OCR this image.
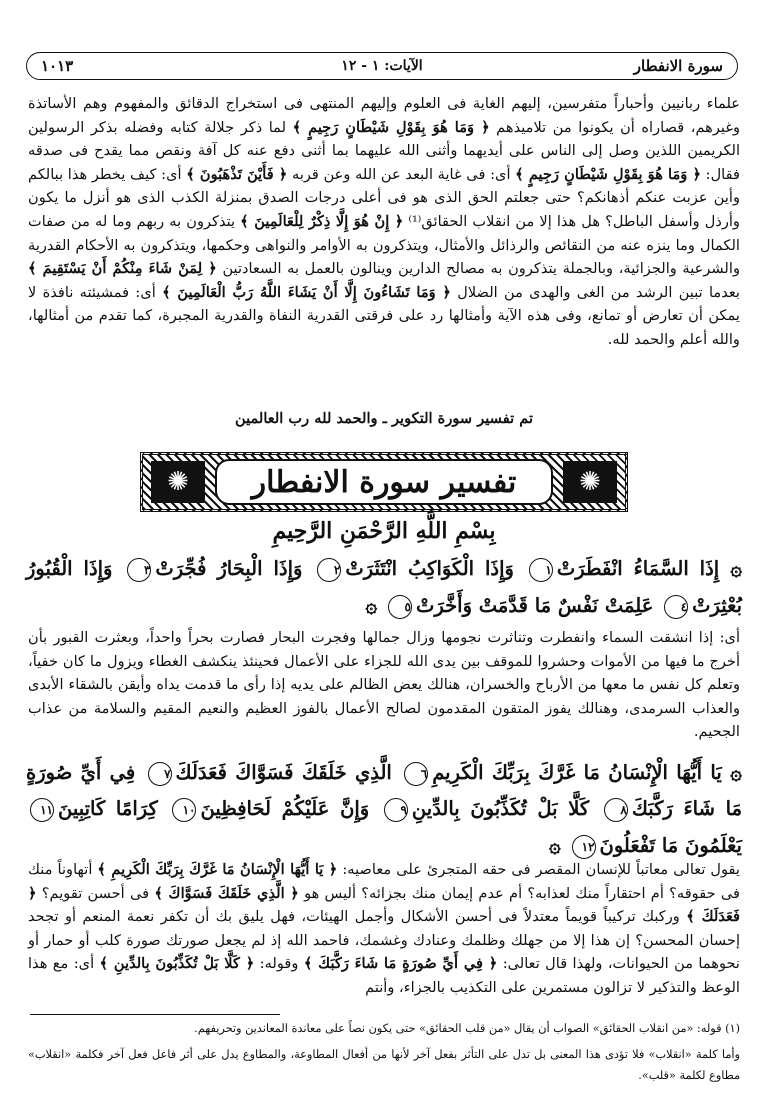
سورة الانفطار
الآيات: ١ - ١٢
١٠١٣

علماء ربانيين وأحباراً متفرسين، إليهم الغاية فى العلوم وإليهم المنتهى فى استخراج الدقائق والمفهوم وهم الأساتذة وغيرهم، قصاراه أن يكونوا من تلاميذهم ﴿ وَمَا هُوَ بِقَوْلِ شَيْطَانٍ رَجِيمٍ ﴾ لما ذكر جلالة كتابه وفضله بذكر الرسولين الكريمين اللذين وصل إلى الناس على أيديهما وأثنى الله عليهما بما أثنى دفع عنه كل آفة ونقص مما يقدح فى صدقه فقال: ﴿ وَمَا هُوَ بِقَوْلِ شَيْطَانٍ رَجِيمٍ ﴾ أى: فى غاية البعد عن الله وعن قربه ﴿ فَأَيْنَ تَذْهَبُونَ ﴾ أى: كيف يخطر هذا ببالكم وأين عزبت عنكم أذهانكم؟ حتى جعلتم الحق الذى هو فى أعلى درجات الصدق بمنزلة الكذب الذى هو أنزل ما يكون وأرذل وأسفل الباطل؟ هل هذا إلا من انقلاب الحقائق⁽¹⁾ ﴿ إِنْ هُوَ إِلَّا ذِكْرٌ لِلْعَالَمِينَ ﴾ يتذكرون به ربهم وما له من صفات الكمال وما ينزه عنه من النقائص والرذائل والأمثال، ويتذكرون به الأوامر والنواهى وحكمها، ويتذكرون به الأحكام القدرية والشرعية والجزائية، وبالجملة يتذكرون به مصالح الدارين وينالون بالعمل به السعادتين ﴿ لِمَنْ شَاءَ مِنْكُمْ أَنْ يَسْتَقِيمَ ﴾ بعدما تبين الرشد من الغى والهدى من الضلال ﴿ وَمَا تَشَاءُونَ إِلَّا أَنْ يَشَاءَ اللَّهُ رَبُّ الْعَالَمِينَ ﴾ أى: فمشيئته نافذة لا يمكن أن تعارض أو تمانع، وفى هذه الآية وأمثالها رد على فرقتى القدرية النفاة والقدرية المجبرة، كما تقدم من أمثالها، والله أعلم والحمد لله.

تم تفسير سورة التكوير ـ والحمد لله رب العالمين
✺
✺	تفسير سورة الانفطار
بِسْمِ اللَّهِ الرَّحْمَنِ الرَّحِيمِ
۞ إِذَا السَّمَاءُ انْفَطَرَتْ١ وَإِذَا الْكَوَاكِبُ انْتَثَرَتْ٢ وَإِذَا الْبِحَارُ فُجِّرَتْ٣ وَإِذَا الْقُبُورُ بُعْثِرَتْ٤ عَلِمَتْ نَفْسٌ مَا قَدَّمَتْ وَأَخَّرَتْ٥ ۞

أى: إذا انشقت السماء وانفطرت وتناثرت نجومها وزال جمالها وفجرت البحار فصارت بحراً واحداً، وبعثرت القبور بأن أخرج ما فيها من الأموات وحشروا للموقف بين يدى الله للجزاء على الأعمال فحينئذ ينكشف الغطاء ويزول ما كان خفياً، وتعلم كل نفس ما معها من الأرباح والخسران، هنالك يعض الظالم على يديه إذا رأى ما قدمت يداه وأيقن بالشقاء الأبدى والعذاب السرمدى، وهنالك يفوز المتقون المقدمون لصالح الأعمال بالفوز العظيم والنعيم المقيم والسلامة من عذاب الجحيم.

۞ يَا أَيُّهَا الْإِنْسَانُ مَا غَرَّكَ بِرَبِّكَ الْكَرِيمِ٦ الَّذِي خَلَقَكَ فَسَوَّاكَ فَعَدَلَكَ٧ فِي أَيِّ صُورَةٍ مَا شَاءَ رَكَّبَكَ٨ كَلَّا بَلْ تُكَذِّبُونَ بِالدِّينِ٩ وَإِنَّ عَلَيْكُمْ لَحَافِظِينَ١٠ كِرَامًا كَاتِبِينَ١١ يَعْلَمُونَ مَا تَفْعَلُونَ١٢ ۞

يقول تعالى معاتباً للإنسان المقصر فى حقه المتجرئ على معاصيه: ﴿ يَا أَيُّهَا الْإِنْسَانُ مَا غَرَّكَ بِرَبِّكَ الْكَرِيمِ ﴾ أتهاوناً منك فى حقوقه؟ أم احتقاراً منك لعذابه؟ أم عدم إيمان منك بجزائه؟ أليس هو ﴿ الَّذِي خَلَقَكَ فَسَوَّاكَ ﴾ فى أحسن تقويم؟ ﴿ فَعَدَلَكَ ﴾ وركبك تركيباً قويماً معتدلاً فى أحسن الأشكال وأجمل الهيئات، فهل يليق بك أن تكفر نعمة المنعم أو تجحد إحسان المحسن؟ إن هذا إلا من جهلك وظلمك وعنادك وغشمك، فاحمد الله إذ لم يجعل صورتك صورة كلب أو حمار أو نحوهما من الحيوانات، ولهذا قال تعالى: ﴿ فِي أَيِّ صُورَةٍ مَا شَاءَ رَكَّبَكَ ﴾ وقوله: ﴿ كَلَّا بَلْ تُكَذِّبُونَ بِالدِّينِ ﴾ أى: مع هذا الوعظ والتذكير لا تزالون مستمرين على التكذيب بالجزاء، وأنتم

(١) قوله: «من انقلاب الحقائق» الصواب أن يقال «من قلب الحقائق» حتى يكون نصاً على معاندة المعاندين وتحريفهم.

وأما كلمة «انقلاب» فلا تؤدى هذا المعنى بل تدل على التأثر بفعل آخر لأنها من أفعال المطاوعة، والمطاوع يدل على أثر فاعل فعل آخر فكلمة «انقلاب» مطاوع لكلمة «قلب».
